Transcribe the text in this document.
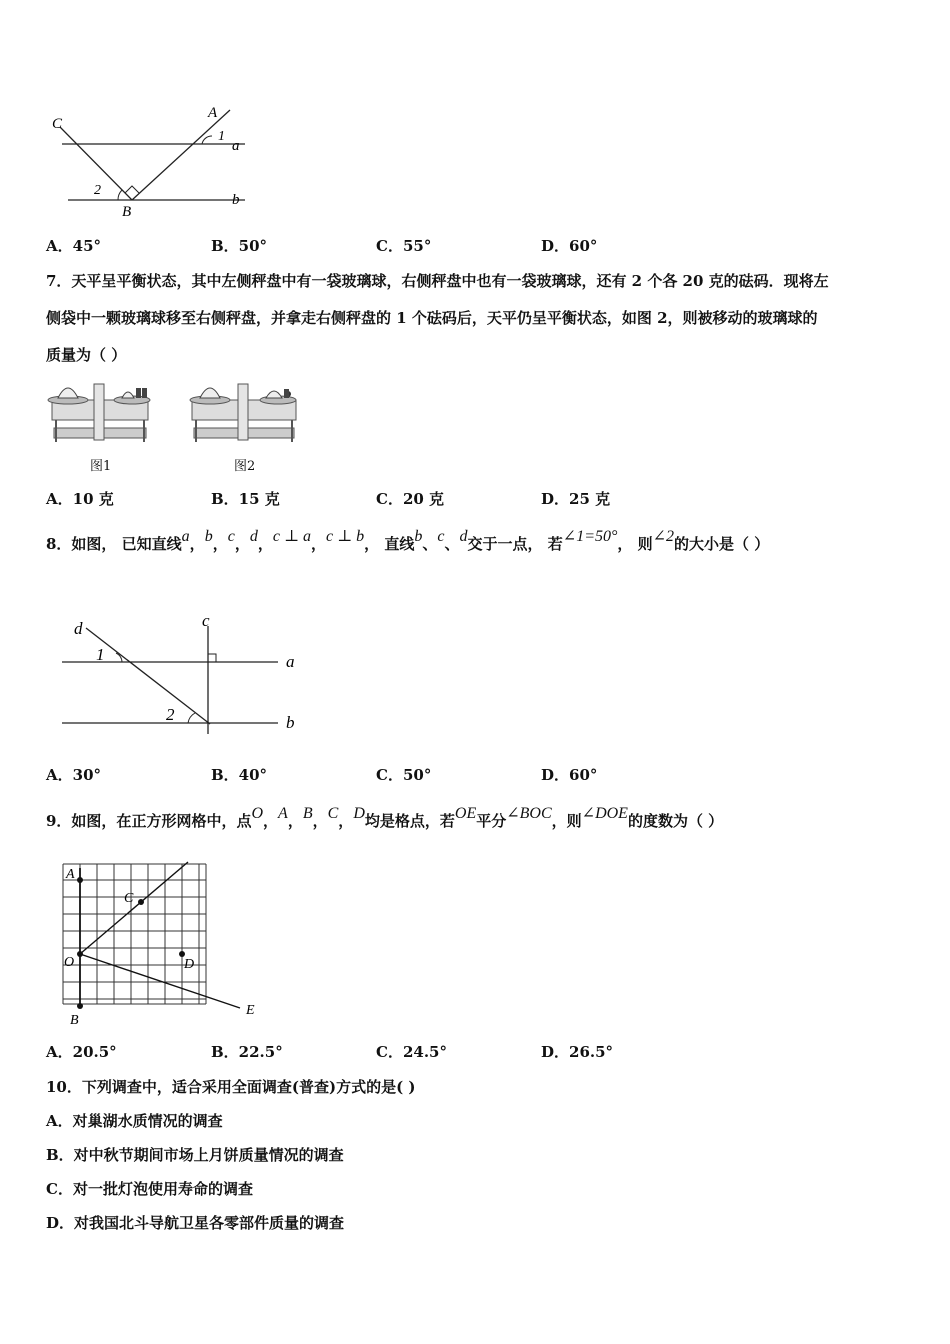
C
A
1
a
2
B
b
A．45°	B．50°	C．55°	D．60°
7．天平呈平衡状态，其中左侧秤盘中有一袋玻璃球，右侧秤盘中也有一袋玻璃球，还有 2 个各 20 克的砝码．现将左
侧袋中一颗玻璃球移至右侧秤盘，并拿走右侧秤盘的 1 个砝码后，天平仍呈平衡状态，如图 2，则被移动的玻璃球的
质量为（ ）
图1	图2
A．10 克	B．15 克	C．20 克	D．25 克
8．如图， 已知直线a，b，c，d，c ⊥ a，c ⊥ b， 直线b、c、d交于一点， 若∠1=50°， 则∠2的大小是（ ）
d	c
1	a
2	b
A．30°	B．40°	C．50°	D．60°
9．如图，在正方形网格中，点O，A，B，C，D均是格点，若OE平分∠BOC，则∠DOE的度数为（ ）
A
C
O	D
B
E
A．20.5°	B．22.5°	C．24.5°	D．26.5°
10．下列调查中，适合采用全面调查(普查)方式的是( )
A．对巢湖水质情况的调查
B．对中秋节期间市场上月饼质量情况的调查
C．对一批灯泡使用寿命的调查
D．对我国北斗导航卫星各零部件质量的调查
